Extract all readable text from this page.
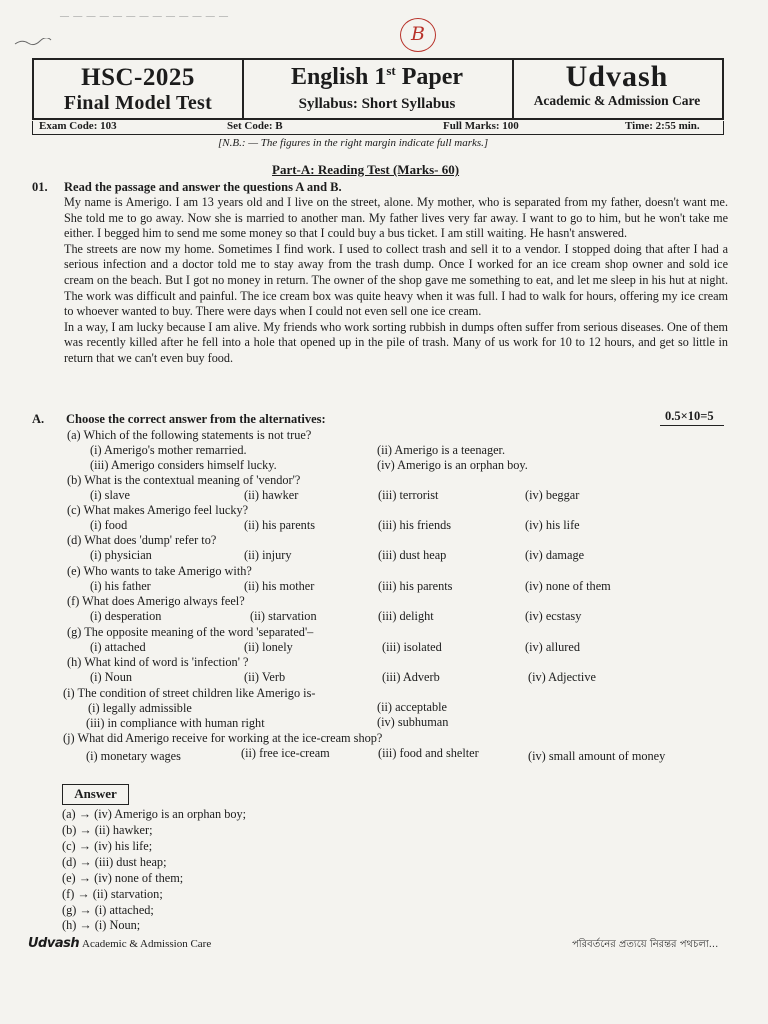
— — — — — — — — — — — — —
B
HSC-2025
Final Model Test
English 1st Paper
Syllabus: Short Syllabus
Udvash
Academic & Admission Care
Exam Code: 103	Set Code: B	Full Marks: 100	Time: 2:55 min.
[N.B.: — The figures in the right margin indicate full marks.]
Part-A: Reading Test (Marks- 60)
01. Read the passage and answer the questions A and B.

My name is Amerigo. I am 13 years old and I live on the street, alone. My mother, who is separated from my father, doesn't want me. She told me to go away. Now she is married to another man. My father lives very far away. I want to go to him, but he won't take me either. I begged him to send me some money so that I could buy a bus ticket. I am still waiting. He hasn't answered.

The streets are now my home. Sometimes I find work. I used to collect trash and sell it to a vendor. I stopped doing that after I had a serious infection and a doctor told me to stay away from the trash dump. Once I worked for an ice cream shop owner and sold ice cream on the beach. But I got no money in return. The owner of the shop gave me something to eat, and let me sleep in his hut at night. The work was difficult and painful. The ice cream box was quite heavy when it was full. I had to walk for hours, offering my ice cream to whoever wanted to buy. There were days when I could not even sell one ice cream.

In a way, I am lucky because I am alive. My friends who work sorting rubbish in dumps often suffer from serious diseases. One of them was recently killed after he fell into a hole that opened up in the pile of trash. Many of us work for 10 to 12 hours, and get so little in return that we can't even buy food.

A. Choose the correct answer from the alternatives:	0.5×10=5
(a) Which of the following statements is not true?
(i) Amerigo's mother remarried.	(ii) Amerigo is a teenager.
(iii) Amerigo considers himself lucky.	(iv) Amerigo is an orphan boy.
(b) What is the contextual meaning of 'vendor'?
(i) slave	(ii) hawker	(iii) terrorist	(iv) beggar
(c) What makes Amerigo feel lucky?
(i) food	(ii) his parents	(iii) his friends	(iv) his life
(d) What does 'dump' refer to?
(i) physician	(ii) injury	(iii) dust heap	(iv) damage
(e) Who wants to take Amerigo with?
(i) his father	(ii) his mother	(iii) his parents	(iv) none of them
(f) What does Amerigo always feel?
(i) desperation	(ii) starvation	(iii) delight	(iv) ecstasy
(g) The opposite meaning of the word 'separated'–
(i) attached	(ii) lonely	(iii) isolated	(iv) allured
(h) What kind of word is 'infection' ?
(i) Noun	(ii) Verb	(iii) Adverb	(iv) Adjective
(i) The condition of street children like Amerigo is-
(i) legally admissible	(ii) acceptable
(iii) in compliance with human right	(iv) subhuman
(j) What did Amerigo receive for working at the ice-cream shop?
(i) monetary wages	(ii) free ice-cream	(iii) food and shelter	(iv) small amount of money
Answer
(a) → (iv) Amerigo is an orphan boy;
(b) → (ii) hawker;
(c) → (iv) his life;
(d) → (iii) dust heap;
(e) → (iv) none of them;
(f) → (ii) starvation;
(g) → (i) attached;
(h) → (i) Noun;
Udvash Academic & Admission Care	পরিবর্তনের প্রত্যয়ে নিরন্তর পথচলা...
